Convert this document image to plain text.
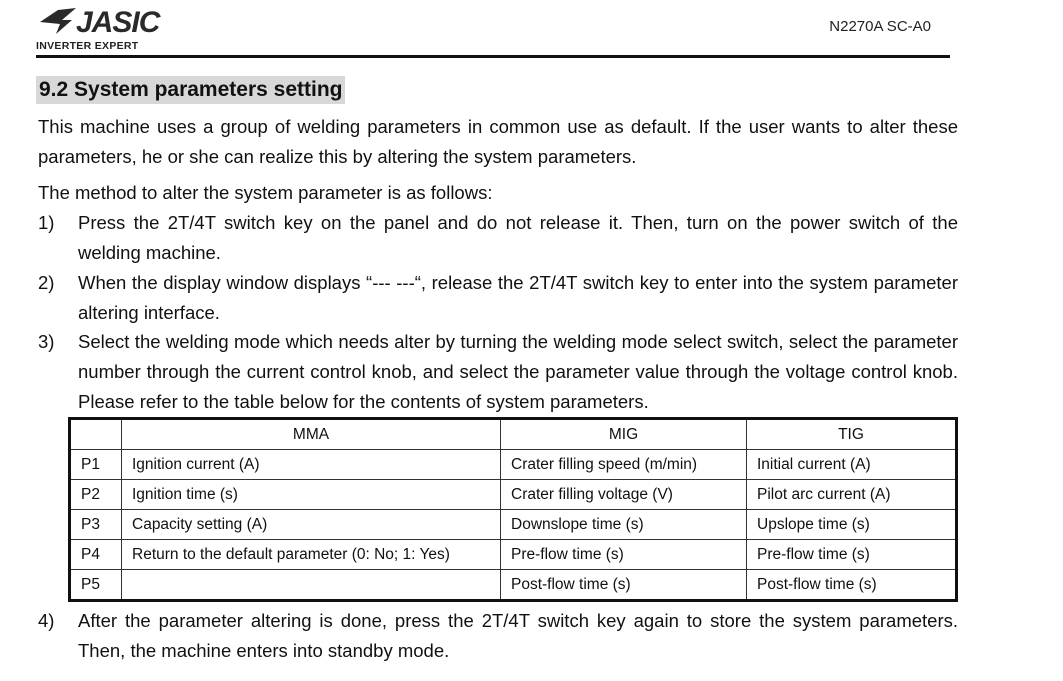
JASIC
INVERTER EXPERT
N2270A SC-A0
9.2 System parameters setting

This machine uses a group of welding parameters in common use as default. If the user wants to alter these parameters, he or she can realize this by altering the system parameters.

The method to alter the system parameter is as follows:

1)	Press the 2T/4T switch key on the panel and do not release it. Then, turn on the power switch of the welding machine.
2)	When the display window displays “--- ---“, release the 2T/4T switch key to enter into the system parameter altering interface.
3)	Select the welding mode which needs alter by turning the welding mode select switch, select the parameter number through the current control knob, and select the parameter value through the voltage control knob. Please refer to the table below for the contents of system parameters.
	MMA	MIG	TIG
P1	Ignition current (A)	Crater filling speed (m/min)	Initial current (A)
P2	Ignition time (s)	Crater filling voltage (V)	Pilot arc current (A)
P3	Capacity setting (A)	Downslope time (s)	Upslope time (s)
P4	Return to the default parameter (0: No; 1: Yes)	Pre-flow time (s)	Pre-flow time (s)
P5		Post-flow time (s)	Post-flow time (s)
4)	After the parameter altering is done, press the 2T/4T switch key again to store the system parameters. Then, the machine enters into standby mode.
